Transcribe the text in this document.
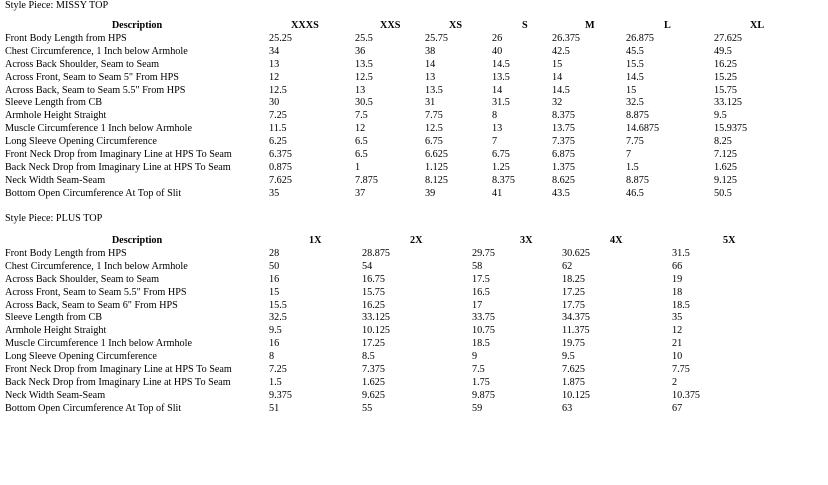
Style Piece: MISSY TOP
Description	XXXS	XXS	XS	S	M	L	XL
Front Body Length from HPS	25.25	25.5	25.75	26	26.375	26.875	27.625
Chest Circumference, 1 Inch below Armhole	34	36	38	40	42.5	45.5	49.5
Across Back Shoulder, Seam to Seam	13	13.5	14	14.5	15	15.5	16.25
Across Front, Seam to Seam 5" From HPS	12	12.5	13	13.5	14	14.5	15.25
Across Back, Seam to Seam 5.5" From HPS	12.5	13	13.5	14	14.5	15	15.75
Sleeve Length from CB	30	30.5	31	31.5	32	32.5	33.125
Armhole Height Straight	7.25	7.5	7.75	8	8.375	8.875	9.5
Muscle Circumference 1 Inch below Armhole	11.5	12	12.5	13	13.75	14.6875	15.9375
Long Sleeve Opening Circumference	6.25	6.5	6.75	7	7.375	7.75	8.25
Front Neck Drop from Imaginary Line at HPS To Seam	6.375	6.5	6.625	6.75	6.875	7	7.125
Back Neck Drop from Imaginary Line at HPS To Seam	0.875	1	1.125	1.25	1.375	1.5	1.625
Neck Width Seam-Seam	7.625	7.875	8.125	8.375	8.625	8.875	9.125
Bottom Open Circumference At Top of Slit	35	37	39	41	43.5	46.5	50.5
Style Piece: PLUS TOP
Description	1X	2X	3X	4X	5X
Front Body Length from HPS	28	28.875	29.75	30.625	31.5
Chest Circumference, 1 Inch below Armhole	50	54	58	62	66
Across Back Shoulder, Seam to Seam	16	16.75	17.5	18.25	19
Across Front, Seam to Seam 5.5" From HPS	15	15.75	16.5	17.25	18
Across Back, Seam to Seam 6" From HPS	15.5	16.25	17	17.75	18.5
Sleeve Length from CB	32.5	33.125	33.75	34.375	35
Armhole Height Straight	9.5	10.125	10.75	11.375	12
Muscle Circumference 1 Inch below Armhole	16	17.25	18.5	19.75	21
Long Sleeve Opening Circumference	8	8.5	9	9.5	10
Front Neck Drop from Imaginary Line at HPS To Seam	7.25	7.375	7.5	7.625	7.75
Back Neck Drop from Imaginary Line at HPS To Seam	1.5	1.625	1.75	1.875	2
Neck Width Seam-Seam	9.375	9.625	9.875	10.125	10.375
Bottom Open Circumference At Top of Slit	51	55	59	63	67
